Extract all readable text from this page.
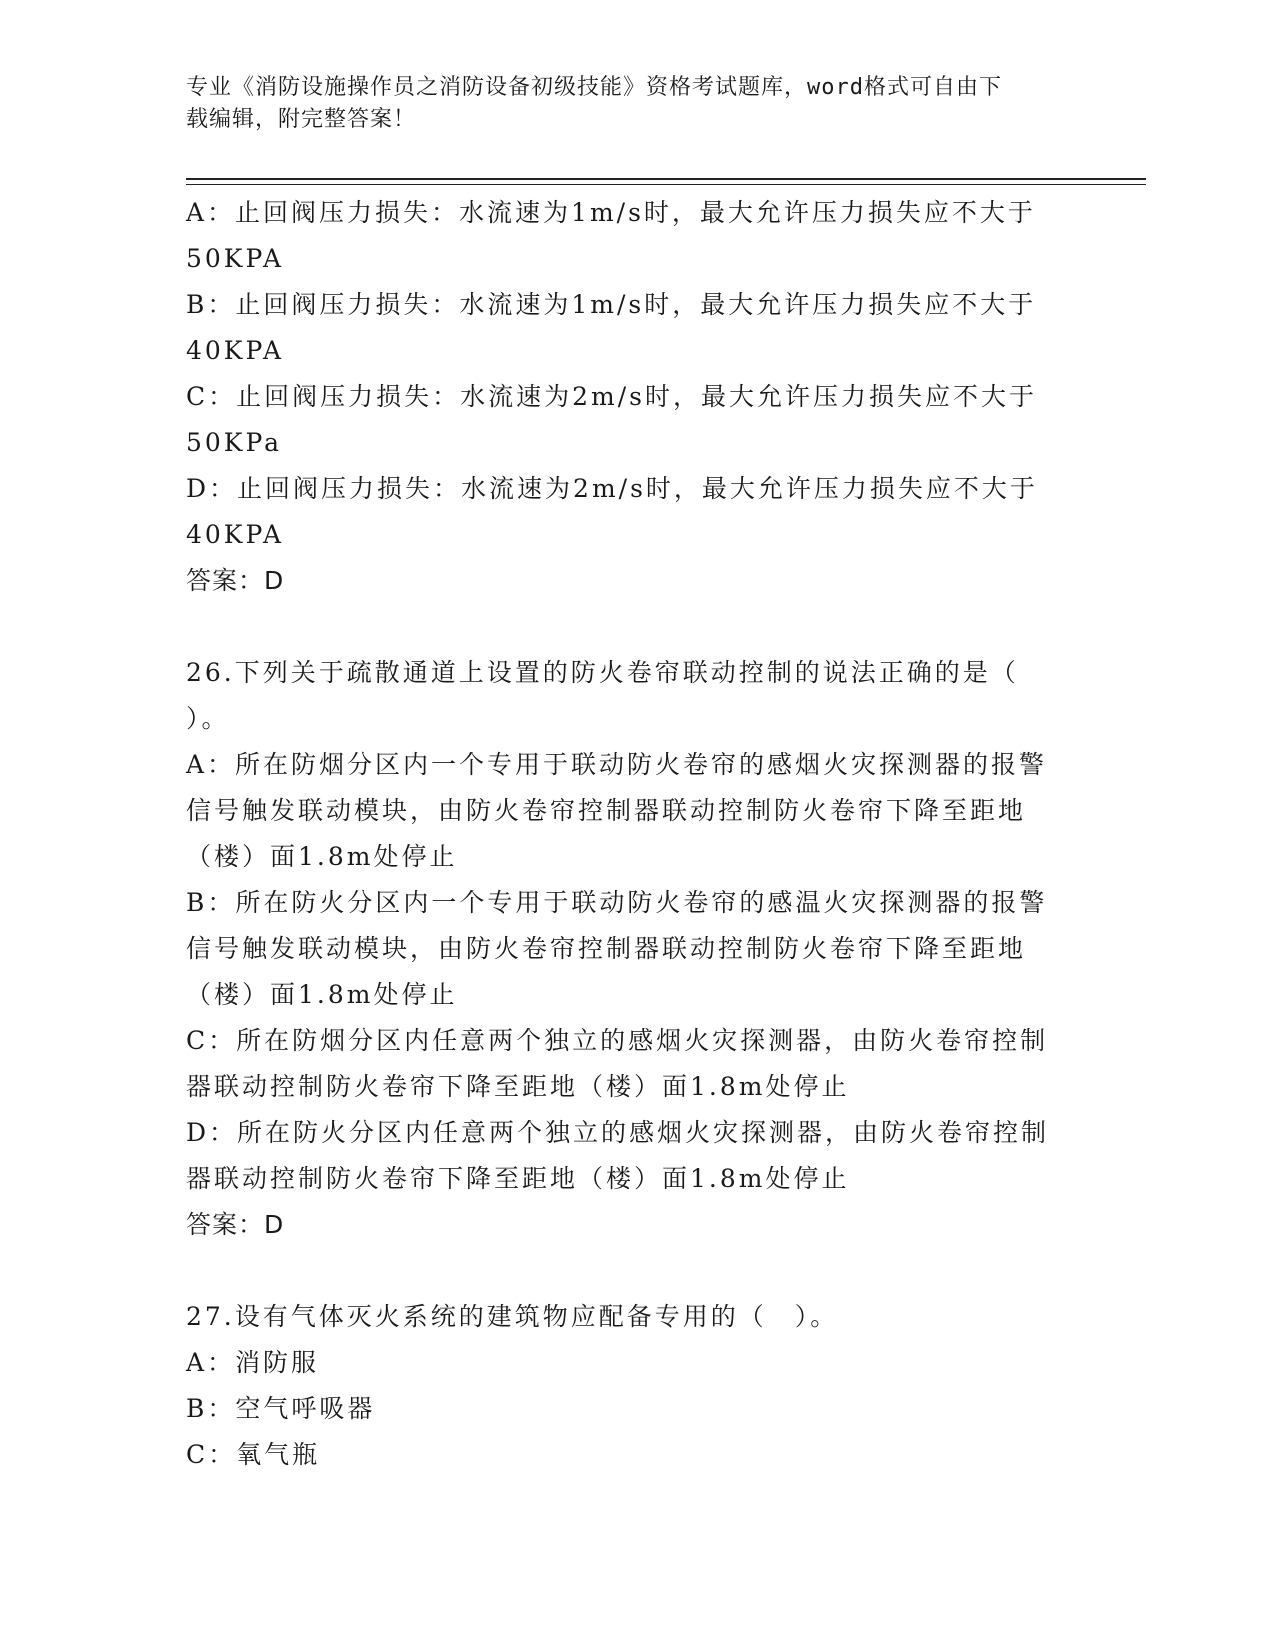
专业《消防设施操作员之消防设备初级技能》资格考试题库，word格式可自由下
载编辑，附完整答案！
A：止回阀压力损失：水流速为1m/s时，最大允许压力损失应不大于
50KPA
B：止回阀压力损失：水流速为1m/s时，最大允许压力损失应不大于
40KPA
C：止回阀压力损失：水流速为2m/s时，最大允许压力损失应不大于
50KPa
D：止回阀压力损失：水流速为2m/s时，最大允许压力损失应不大于
40KPA
答案：D
26.下列关于疏散通道上设置的防火卷帘联动控制的说法正确的是（
）。
A：所在防烟分区内一个专用于联动防火卷帘的感烟火灾探测器的报警
信号触发联动模块，由防火卷帘控制器联动控制防火卷帘下降至距地
（楼）面1.8m处停止
B：所在防火分区内一个专用于联动防火卷帘的感温火灾探测器的报警
信号触发联动模块，由防火卷帘控制器联动控制防火卷帘下降至距地
（楼）面1.8m处停止
C：所在防烟分区内任意两个独立的感烟火灾探测器，由防火卷帘控制
器联动控制防火卷帘下降至距地（楼）面1.8m处停止
D：所在防火分区内任意两个独立的感烟火灾探测器，由防火卷帘控制
器联动控制防火卷帘下降至距地（楼）面1.8m处停止
答案：D
27.设有气体灭火系统的建筑物应配备专用的（　）。
A：消防服
B：空气呼吸器
C：氧气瓶
